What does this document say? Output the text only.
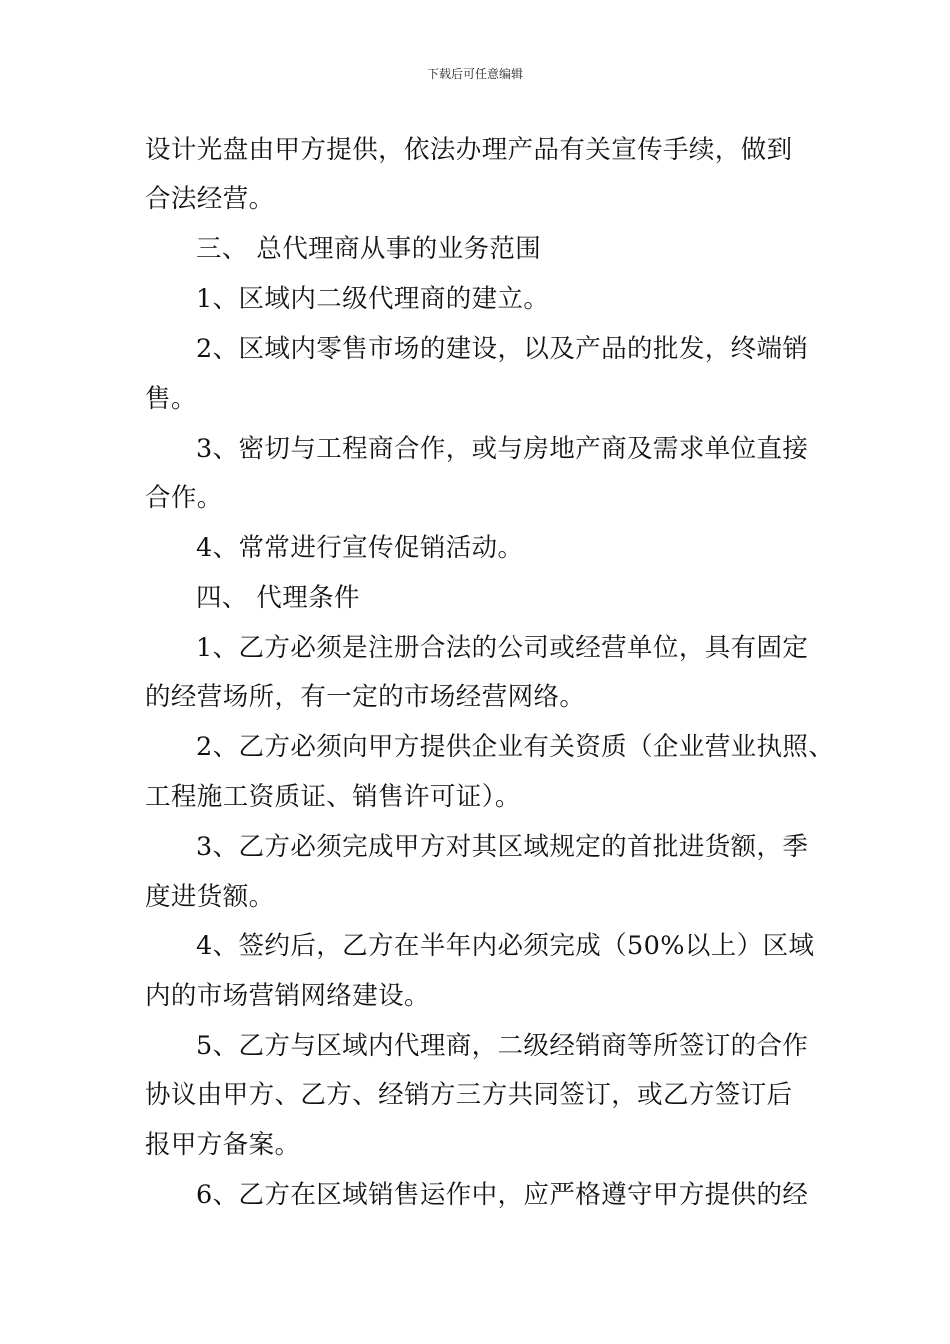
下载后可任意编辑
设计光盘由甲方提供，依法办理产品有关宣传手续，做到
合法经营。
三、 总代理商从事的业务范围
1、区域内二级代理商的建立。
2、区域内零售市场的建设，以及产品的批发，终端销
售。
3、密切与工程商合作，或与房地产商及需求单位直接
合作。
4、常常进行宣传促销活动。
四、 代理条件
1、乙方必须是注册合法的公司或经营单位，具有固定
的经营场所，有一定的市场经营网络。
2、乙方必须向甲方提供企业有关资质（企业营业执照、
工程施工资质证、销售许可证）。
3、乙方必须完成甲方对其区域规定的首批进货额，季
度进货额。
4、签约后，乙方在半年内必须完成（50%以上）区域
内的市场营销网络建设。
5、乙方与区域内代理商，二级经销商等所签订的合作
协议由甲方、乙方、经销方三方共同签订，或乙方签订后
报甲方备案。
6、乙方在区域销售运作中，应严格遵守甲方提供的经
